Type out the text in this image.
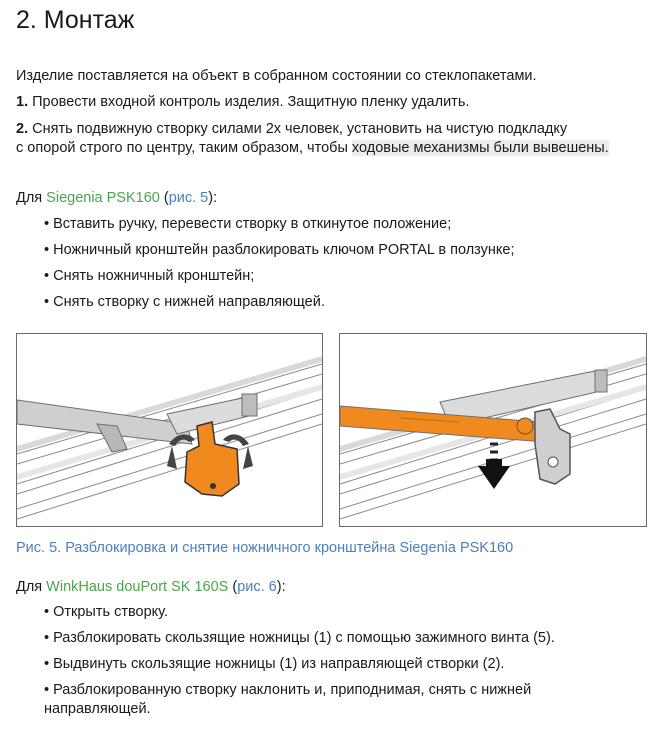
2. Монтаж
Изделие поставляется на объект в собранном состоянии со стеклопакетами.
1. Провести входной контроль изделия. Защитную пленку удалить.
2. Снять подвижную створку силами 2х человек, установить на чистую подкладку
с опорой строго по центру, таким образом, чтобы ходовые механизмы были вывешены.
Для Siegenia PSK160 (рис. 5):
• Вставить ручку, перевести створку в откинутое положение;
• Ножничный кронштейн разблокировать ключом PORTAL в ползунке;
• Снять ножничный кронштейн;
• Снять створку с нижней направляющей.
Рис. 5. Разблокировка и снятие ножничного кронштейна Siegenia PSK160
Для WinkHaus douPort SK 160S (рис. 6):
• Открыть створку.
• Разблокировать скользящие ножницы (1) с помощью зажимного винта (5).
• Выдвинуть скользящие ножницы (1) из направляющей створки (2).
• Разблокированную створку наклонить и, приподнимая, снять с нижней
направляющей.
